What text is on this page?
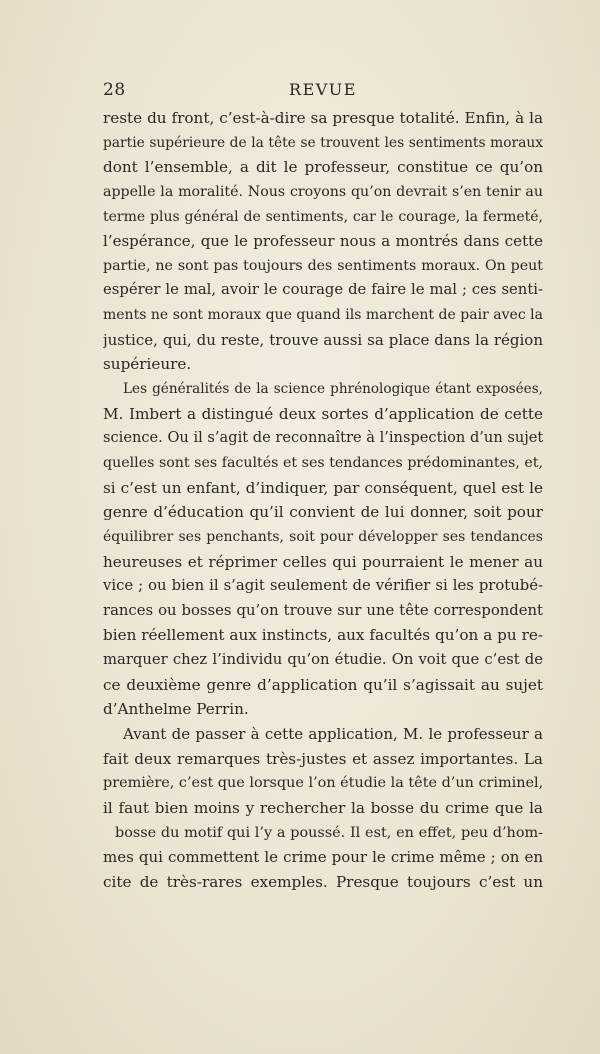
28	REVUE
reste du front, c’est-à-dire sa presque totalité. Enfin, à la
partie supérieure de la tête se trouvent les sentiments moraux
dont l’ensemble, a dit le professeur, constitue ce qu’on
appelle la moralité. Nous croyons qu’on devrait s’en tenir au
terme plus général de sentiments, car le courage, la fermeté,
l’espérance, que le professeur nous a montrés dans cette
partie, ne sont pas toujours des sentiments moraux. On peut
espérer le mal, avoir le courage de faire le mal ; ces senti-
ments ne sont moraux que quand ils marchent de pair avec la
justice, qui, du reste, trouve aussi sa place dans la région
supérieure.
Les généralités de la science phrénologique étant exposées,
M. Imbert a distingué deux sortes d’application de cette
science. Ou il s’agit de reconnaître à l’inspection d’un sujet
quelles sont ses facultés et ses tendances prédominantes, et,
si c’est un enfant, d’indiquer, par conséquent, quel est le
genre d’éducation qu’il convient de lui donner, soit pour
équilibrer ses penchants, soit pour développer ses tendances
heureuses et réprimer celles qui pourraient le mener au
vice ; ou bien il s’agit seulement de vérifier si les protubé-
rances ou bosses qu’on trouve sur une tête correspondent
bien réellement aux instincts, aux facultés qu’on a pu re-
marquer chez l’individu qu’on étudie. On voit que c’est de
ce deuxième genre d’application qu’il s’agissait au sujet
d’Anthelme Perrin.
Avant de passer à cette application, M. le professeur a
fait deux remarques très-justes et assez importantes. La
première, c’est que lorsque l’on étudie la tête d’un criminel,
il faut bien moins y rechercher la bosse du crime que la
bosse du motif qui l’y a poussé. Il est, en effet, peu d’hom-
mes qui commettent le crime pour le crime même ; on en
cite de très-rares exemples. Presque toujours c’est un
